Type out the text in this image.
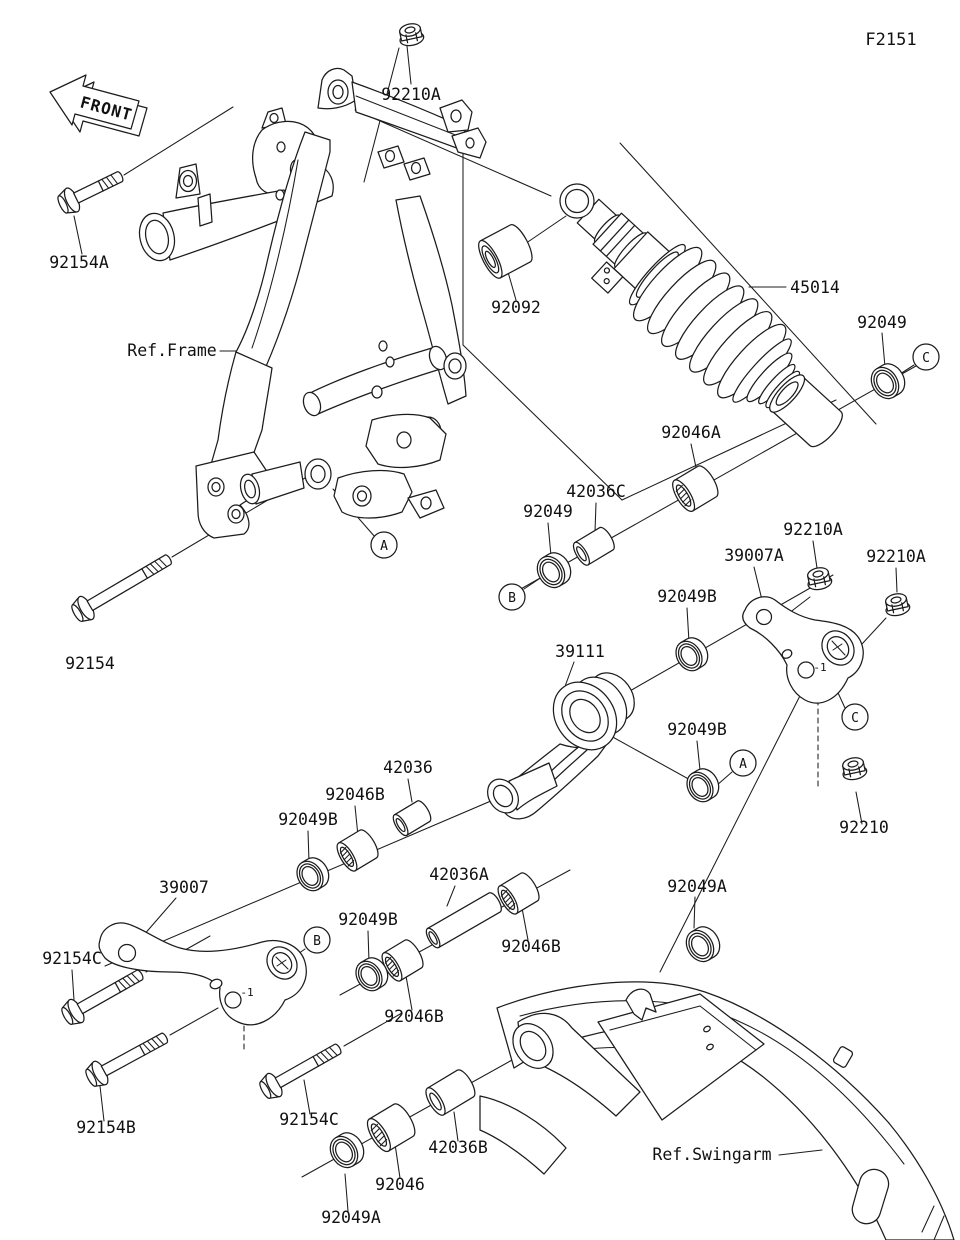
FRONT
-1
-1
A
B
C
A
B
C
F2151
92210A
92154A
Ref.Frame
92092
45014
92049
92154
92046A
42036C
92049
39007A
92210A
92210A
92049B
39111
92049B
92210
42036
92046B
92049B
42036A
39007
92049B
92046B
92046B
92049A
92154C
92154B	92154C
42036B
92046
92049A
Ref.Swingarm
